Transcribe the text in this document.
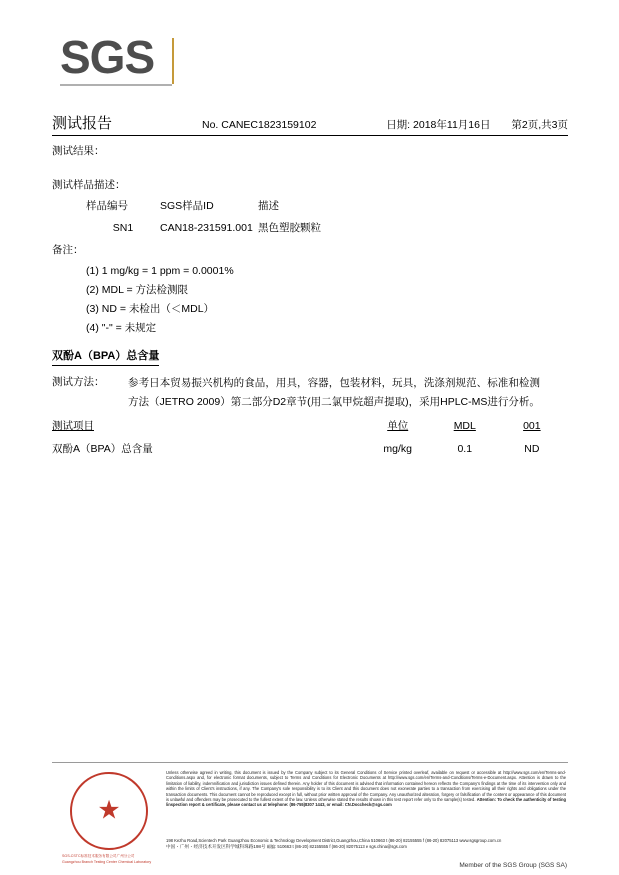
SGS
测试报告	No. CANEC1823159102	日期: 2018年11月16日 第2页,共3页
测试结果：
测试样品描述：
样品编号	SGS样品ID	描述
SN1	CAN18-231591.001	黑色塑胶颗粒
备注：
(1) 1 mg/kg = 1 ppm = 0.0001%
(2) MDL = 方法检测限
(3) ND = 未检出（＜MDL）
(4) "-" = 未规定
双酚A（BPA）总含量
测试方法： 参考日本贸易振兴机构的食品，用具，容器，包装材料，玩具，洗涤剂规范、标准和检测方法（JETRO 2009）第二部分D2章节(用二氯甲烷超声提取)，采用HPLC-MS进行分析。
测试项目	单位	MDL	001
双酚A（BPA）总含量	mg/kg	0.1	ND
★
SGS-CSTC标准技术服务有限公司广州分公司
Guangzhou Branch Testing Center Chemical Laboratory
Unless otherwise agreed in writing, this document is issued by the Company subject to its General Conditions of Service printed overleaf, available on request or accessible at http://www.sgs.com/en/Terms-and-Conditions.aspx and, for electronic format documents, subject to Terms and Conditions for Electronic Documents at http://www.sgs.com/en/Terms-and-Conditions/Terms-e-Document.aspx. Attention is drawn to the limitation of liability, indemnification and jurisdiction issues defined therein. Any holder of this document is advised that information contained hereon reflects the Company's findings at the time of its intervention only and within the limits of Client's instructions, if any. The Company's sole responsibility is to its Client and this document does not exonerate parties to a transaction from exercising all their rights and obligations under the transaction documents. This document cannot be reproduced except in full, without prior written approval of the Company. Any unauthorized alteration, forgery or falsification of the content or appearance of this document is unlawful and offenders may be prosecuted to the fullest extent of the law. Unless otherwise stated the results shown in this test report refer only to the sample(s) tested. Attention: To check the authenticity of testing /inspection report & certificate, please contact us at telephone: (86-755)8307 1443, or email: CN.Doccheck@sgs.com
198 Kezhu Road,Scientech Park Guangzhou Economic & Technology Development District,Guangzhou,China 510663 t (86-20) 82155555 f (86-20) 82075113 www.sgsgroup.com.cn
中国・广州・经济技术开发区科学城科珠路198号 邮编: 510663 t (86-20) 82155555 f (86-20) 82075113 e sgs.china@sgs.com
Member of the SGS Group (SGS SA)
